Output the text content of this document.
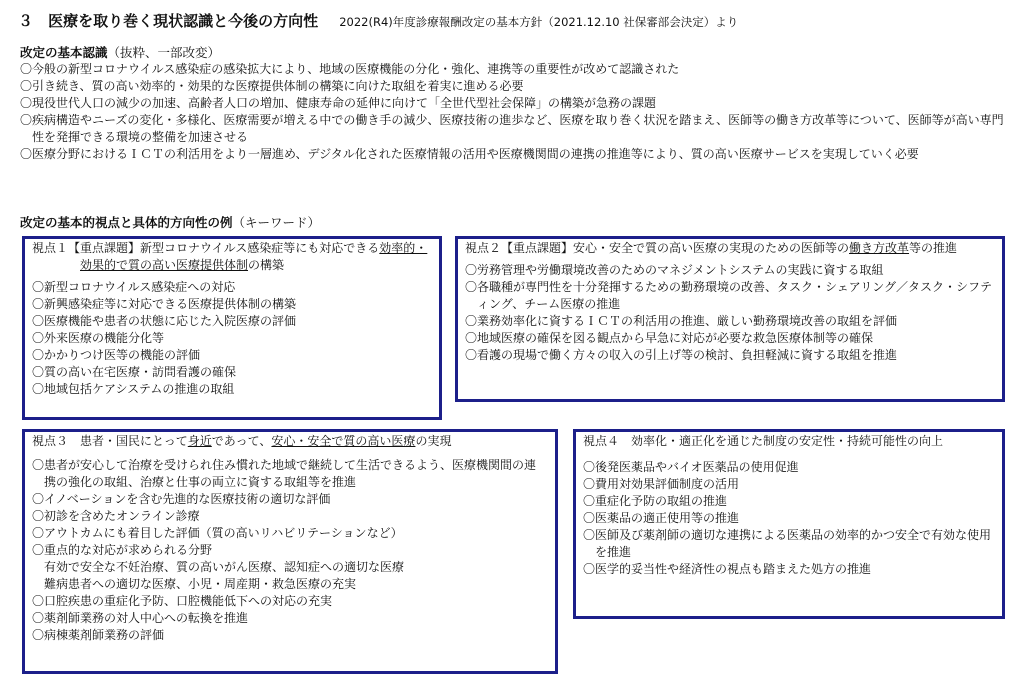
３ 医療を取り巻く現状認識と今後の方向性 2022(R4)年度診療報酬改定の基本方針（2021.12.10 社保審部会決定）より
改定の基本認識（抜粋、一部改変）
〇今般の新型コロナウイルス感染症の感染拡大により、地域の医療機能の分化・強化、連携等の重要性が改めて認識された
〇引き続き、質の高い効率的・効果的な医療提供体制の構築に向けた取組を着実に進める必要
〇現役世代人口の減少の加速、高齢者人口の増加、健康寿命の延伸に向けて「全世代型社会保障」の構築が急務の課題
〇疾病構造やニーズの変化・多様化、医療需要が増える中での働き手の減少、医療技術の進歩など、医療を取り巻く状況を踏まえ、医師等の働き方改革等について、医師等が高い専門性を発揮できる環境の整備を加速させる
〇医療分野におけるＩＣＴの利活用をより一層進め、デジタル化された医療情報の活用や医療機関間の連携の推進等により、質の高い医療サービスを実現していく必要
改定の基本的視点と具体的方向性の例（キーワード）
視点１【重点課題】新型コロナウイルス感染症等にも対応できる効率的・効果的で質の高い医療提供体制の構築
〇新型コロナウイルス感染症への対応
〇新興感染症等に対応できる医療提供体制の構築
〇医療機能や患者の状態に応じた入院医療の評価
〇外来医療の機能分化等
〇かかりつけ医等の機能の評価
〇質の高い在宅医療・訪問看護の確保
〇地域包括ケアシステムの推進の取組
視点２【重点課題】安心・安全で質の高い医療の実現のための医師等の働き方改革等の推進
〇労務管理や労働環境改善のためのマネジメントシステムの実践に資する取組
〇各職種が専門性を十分発揮するための勤務環境の改善、タスク・シェアリング／タスク・シフティング、チーム医療の推進
〇業務効率化に資するＩＣＴの利活用の推進、厳しい勤務環境改善の取組を評価
〇地域医療の確保を図る観点から早急に対応が必要な救急医療体制等の確保
〇看護の現場で働く方々の収入の引上げ等の検討、負担軽減に資する取組を推進
視点３　患者・国民にとって身近であって、安心・安全で質の高い医療の実現
〇患者が安心して治療を受けられ住み慣れた地域で継続して生活できるよう、医療機関間の連携の強化の取組、治療と仕事の両立に資する取組等を推進
〇イノベーションを含む先進的な医療技術の適切な評価
〇初診を含めたオンライン診療
〇アウトカムにも着目した評価（質の高いリハビリテーションなど）
〇重点的な対応が求められる分野
有効で安全な不妊治療、質の高いがん医療、認知症への適切な医療
難病患者への適切な医療、小児・周産期・救急医療の充実
〇口腔疾患の重症化予防、口腔機能低下への対応の充実
〇薬剤師業務の対人中心への転換を推進
〇病棟薬剤師業務の評価
視点４　効率化・適正化を通じた制度の安定性・持続可能性の向上
〇後発医薬品やバイオ医薬品の使用促進
〇費用対効果評価制度の活用
〇重症化予防の取組の推進
〇医薬品の適正使用等の推進
〇医師及び薬剤師の適切な連携による医薬品の効率的かつ安全で有効な使用を推進
〇医学的妥当性や経済性の視点も踏まえた処方の推進
